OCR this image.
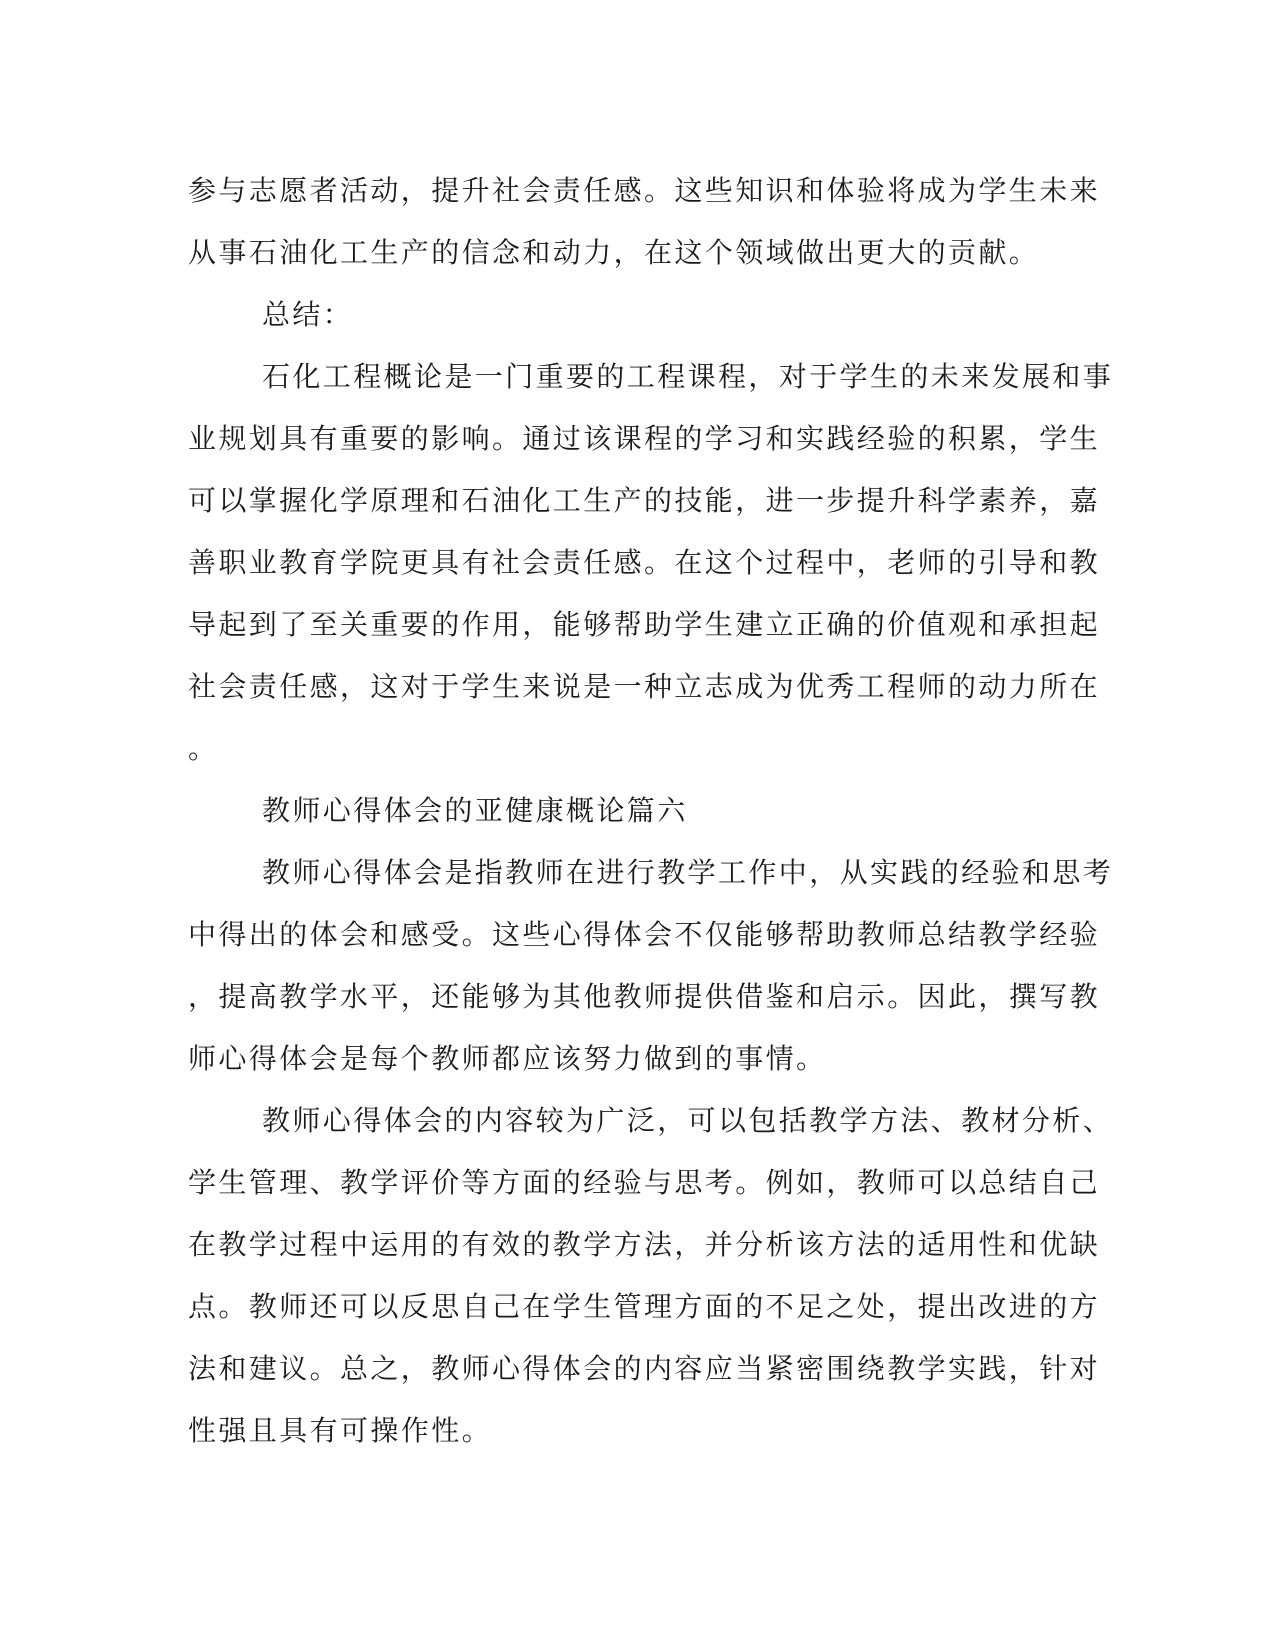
参与志愿者活动，提升社会责任感。这些知识和体验将成为学生未来
从事石油化工生产的信念和动力，在这个领域做出更大的贡献。
总结：
石化工程概论是一门重要的工程课程，对于学生的未来发展和事
业规划具有重要的影响。通过该课程的学习和实践经验的积累，学生
可以掌握化学原理和石油化工生产的技能，进一步提升科学素养，嘉
善职业教育学院更具有社会责任感。在这个过程中，老师的引导和教
导起到了至关重要的作用，能够帮助学生建立正确的价值观和承担起
社会责任感，这对于学生来说是一种立志成为优秀工程师的动力所在
。
教师心得体会的亚健康概论篇六
教师心得体会是指教师在进行教学工作中，从实践的经验和思考
中得出的体会和感受。这些心得体会不仅能够帮助教师总结教学经验
，提高教学水平，还能够为其他教师提供借鉴和启示。因此，撰写教
师心得体会是每个教师都应该努力做到的事情。
教师心得体会的内容较为广泛，可以包括教学方法、教材分析、
学生管理、教学评价等方面的经验与思考。例如，教师可以总结自己
在教学过程中运用的有效的教学方法，并分析该方法的适用性和优缺
点。教师还可以反思自己在学生管理方面的不足之处，提出改进的方
法和建议。总之，教师心得体会的内容应当紧密围绕教学实践，针对
性强且具有可操作性。
